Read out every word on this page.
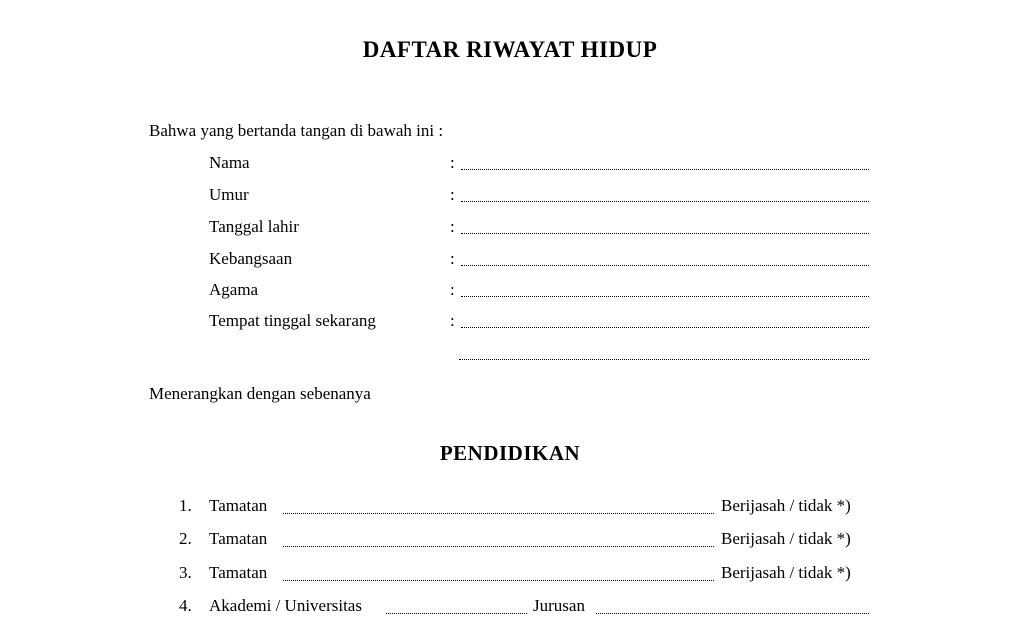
DAFTAR RIWAYAT HIDUP
Bahwa yang bertanda tangan di bawah ini :
Nama	:
Umur	:
Tanggal lahir	:
Kebangsaan	:
Agama	:
Tempat tinggal sekarang	:
Menerangkan dengan sebenanya
PENDIDIKAN
1. Tamatan	Berijasah / tidak *)
2. Tamatan	Berijasah / tidak *)
3. Tamatan	Berijasah / tidak *)
4. Akademi / Universitas	Jurusan
